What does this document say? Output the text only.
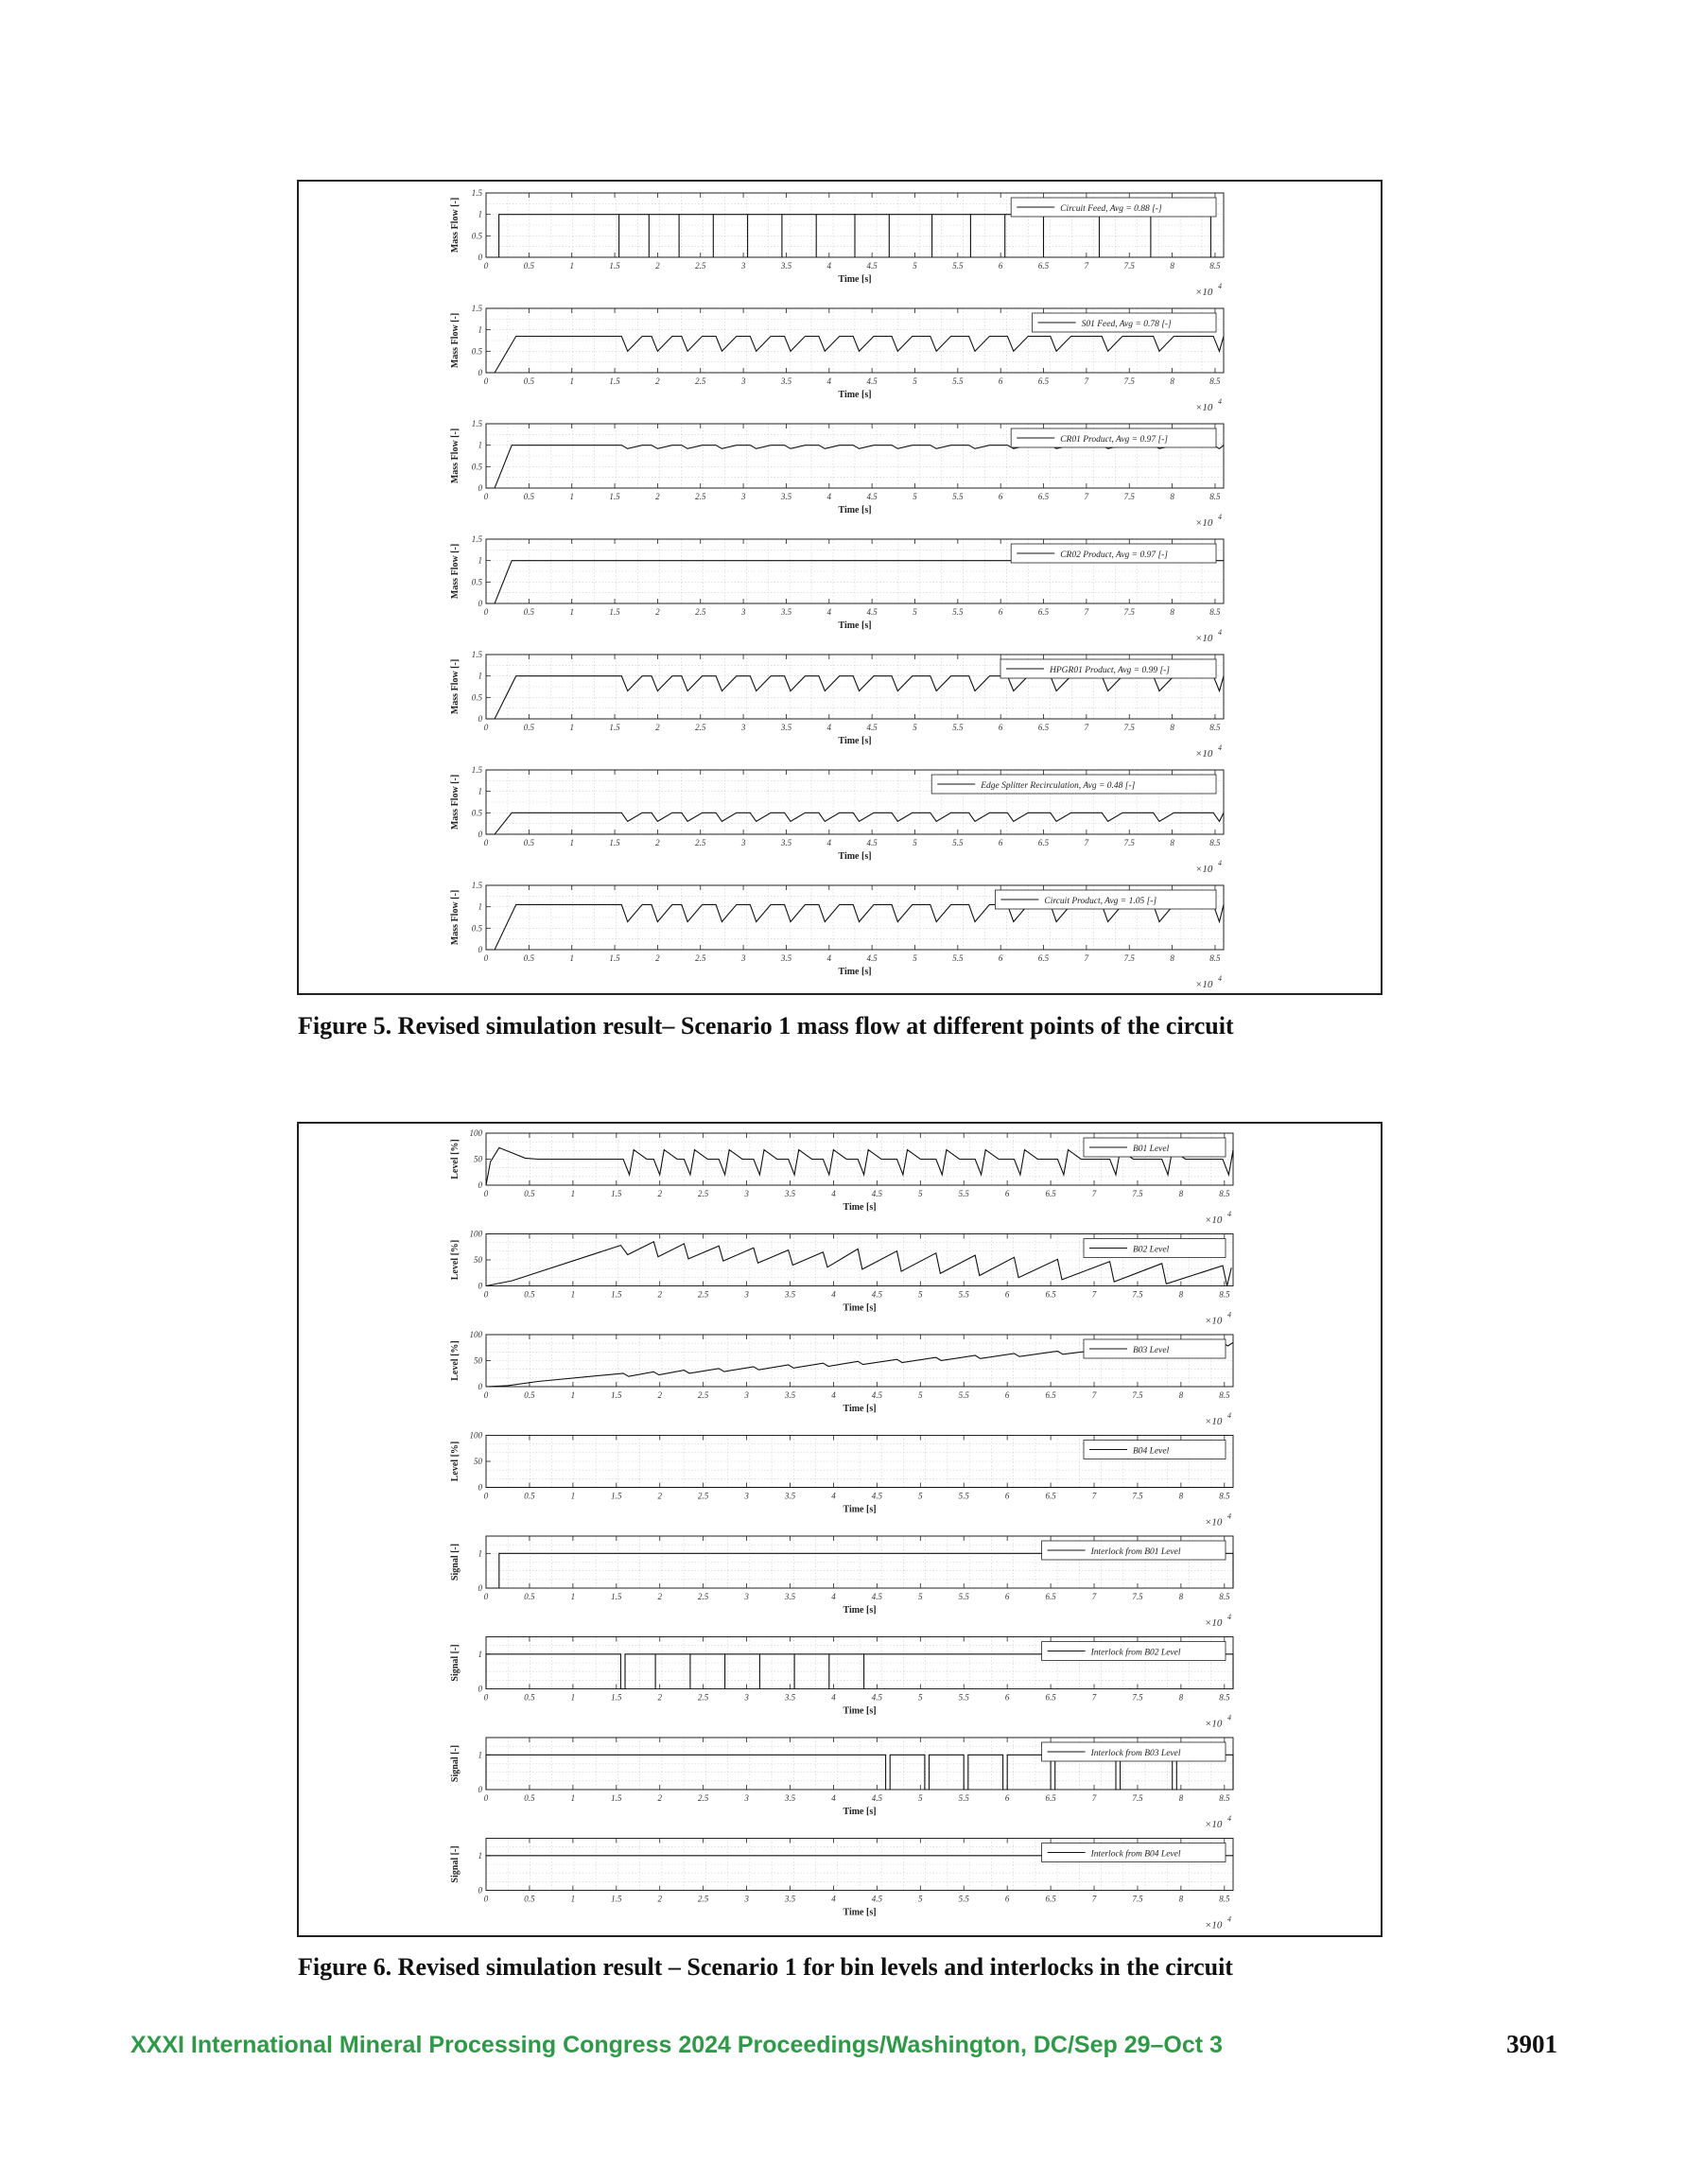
0	0.5	1	1.5	2	2.5	3	3.5	4	4.5	5	5.5	6	6.5	7	7.5	8	8.5
0
0.5
1
1.5
Time [s]
Mass Flow [-]
×10
4
Circuit Feed, Avg = 0.88 [-]
0	0.5	1	1.5	2	2.5	3	3.5	4	4.5	5	5.5	6	6.5	7	7.5	8	8.5
0
0.5
1
1.5
Time [s]
Mass Flow [-]
×10
4
S01 Feed, Avg = 0.78 [-]
0	0.5	1	1.5	2	2.5	3	3.5	4	4.5	5	5.5	6	6.5	7	7.5	8	8.5
0
0.5
1
1.5
Time [s]
Mass Flow [-]
×10
4
CR01 Product, Avg = 0.97 [-]
0	0.5	1	1.5	2	2.5	3	3.5	4	4.5	5	5.5	6	6.5	7	7.5	8	8.5
0
0.5
1
1.5
Time [s]
Mass Flow [-]
×10
4
CR02 Product, Avg = 0.97 [-]
0	0.5	1	1.5	2	2.5	3	3.5	4	4.5	5	5.5	6	6.5	7	7.5	8	8.5
0
0.5
1
1.5
Time [s]
Mass Flow [-]
×10
4
HPGR01 Product, Avg = 0.99 [-]
0	0.5	1	1.5	2	2.5	3	3.5	4	4.5	5	5.5	6	6.5	7	7.5	8	8.5
0
0.5
1
1.5
Time [s]
Mass Flow [-]
×10
4
Edge Splitter Recirculation, Avg = 0.48 [-]
0	0.5	1	1.5	2	2.5	3	3.5	4	4.5	5	5.5	6	6.5	7	7.5	8	8.5
0
0.5
1
1.5
Time [s]
Mass Flow [-]
×10
4
Circuit Product, Avg = 1.05 [-]
Figure 5. Revised simulation result– Scenario 1 mass flow at different points of the circuit
0	0.5	1	1.5	2	2.5	3	3.5	4	4.5	5	5.5	6	6.5	7	7.5	8	8.5
0
50
100
Time [s]
Level [%]
×10
4
B01 Level
0	0.5	1	1.5	2	2.5	3	3.5	4	4.5	5	5.5	6	6.5	7	7.5	8	8.5
0
50
100
Time [s]
Level [%]
×10
4
B02 Level
0	0.5	1	1.5	2	2.5	3	3.5	4	4.5	5	5.5	6	6.5	7	7.5	8	8.5
0
50
100
Time [s]
Level [%]
×10
4
B03 Level
0	0.5	1	1.5	2	2.5	3	3.5	4	4.5	5	5.5	6	6.5	7	7.5	8	8.5
0
50
100
Time [s]
Level [%]
×10
4
B04 Level
0	0.5	1	1.5	2	2.5	3	3.5	4	4.5	5	5.5	6	6.5	7	7.5	8	8.5
0
1
Time [s]
Signal [-]
×10
4
Interlock from B01 Level
0	0.5	1	1.5	2	2.5	3	3.5	4	4.5	5	5.5	6	6.5	7	7.5	8	8.5
0
1
Time [s]
Signal [-]
×10
4
Interlock from B02 Level
0	0.5	1	1.5	2	2.5	3	3.5	4	4.5	5	5.5	6	6.5	7	7.5	8	8.5
0
1
Time [s]
Signal [-]
×10
4
Interlock from B03 Level
0	0.5	1	1.5	2	2.5	3	3.5	4	4.5	5	5.5	6	6.5	7	7.5	8	8.5
0
1
Time [s]
Signal [-]
×10
4
Interlock from B04 Level
Figure 6. Revised simulation result – Scenario 1 for bin levels and interlocks in the circuit
XXXI International Mineral Processing Congress 2024 Proceedings/Washington, DC/Sep 29–Oct 3	3901
